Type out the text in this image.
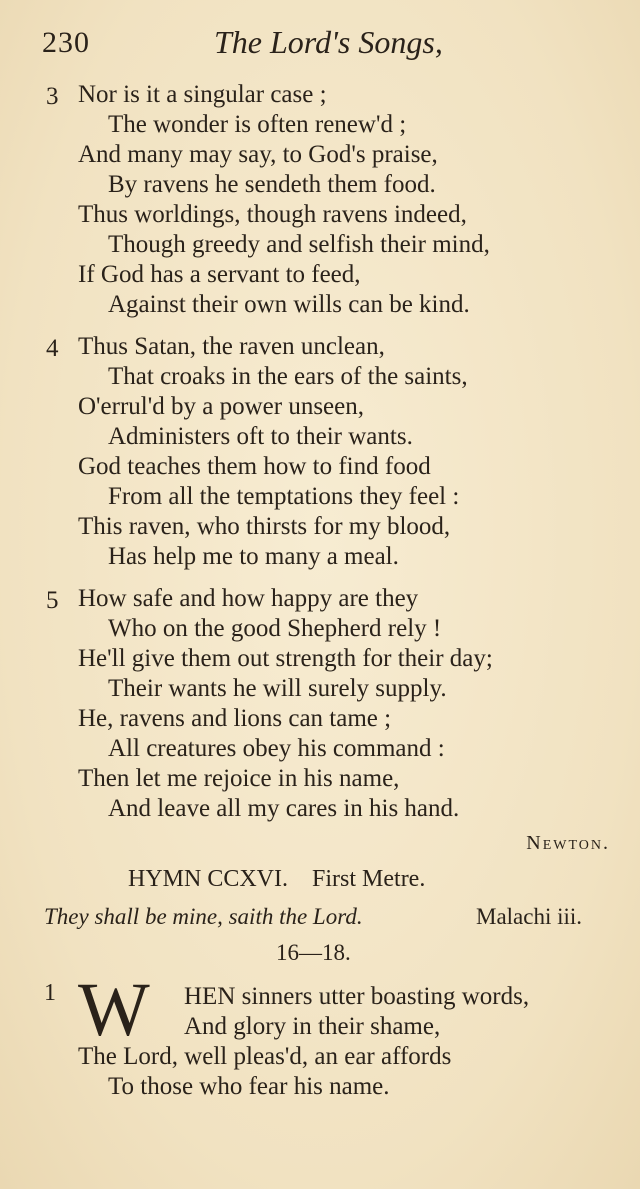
230	The Lord's Songs,
3 Nor is it a singular case ;
The wonder is often renew'd ;
And many may say, to God's praise,
By ravens he sendeth them food.
Thus worldings, though ravens indeed,
Though greedy and selfish their mind,
If God has a servant to feed,
Against their own wills can be kind.
4 Thus Satan, the raven unclean,
That croaks in the ears of the saints,
O'errul'd by a power unseen,
Administers oft to their wants.
God teaches them how to find food
From all the temptations they feel :
This raven, who thirsts for my blood,
Has help me to many a meal.
5 How safe and how happy are they
Who on the good Shepherd rely !
He'll give them out strength for their day;
Their wants he will surely supply.
He, ravens and lions can tame ;
All creatures obey his command :
Then let me rejoice in his name,
And leave all my cares in his hand.
Newton.
HYMN CCXVI. First Metre.
They shall be mine, saith the Lord.	Malachi iii.
16—18.
1 W HEN sinners utter boasting words,
And glory in their shame,
The Lord, well pleas'd, an ear affords
To those who fear his name.
